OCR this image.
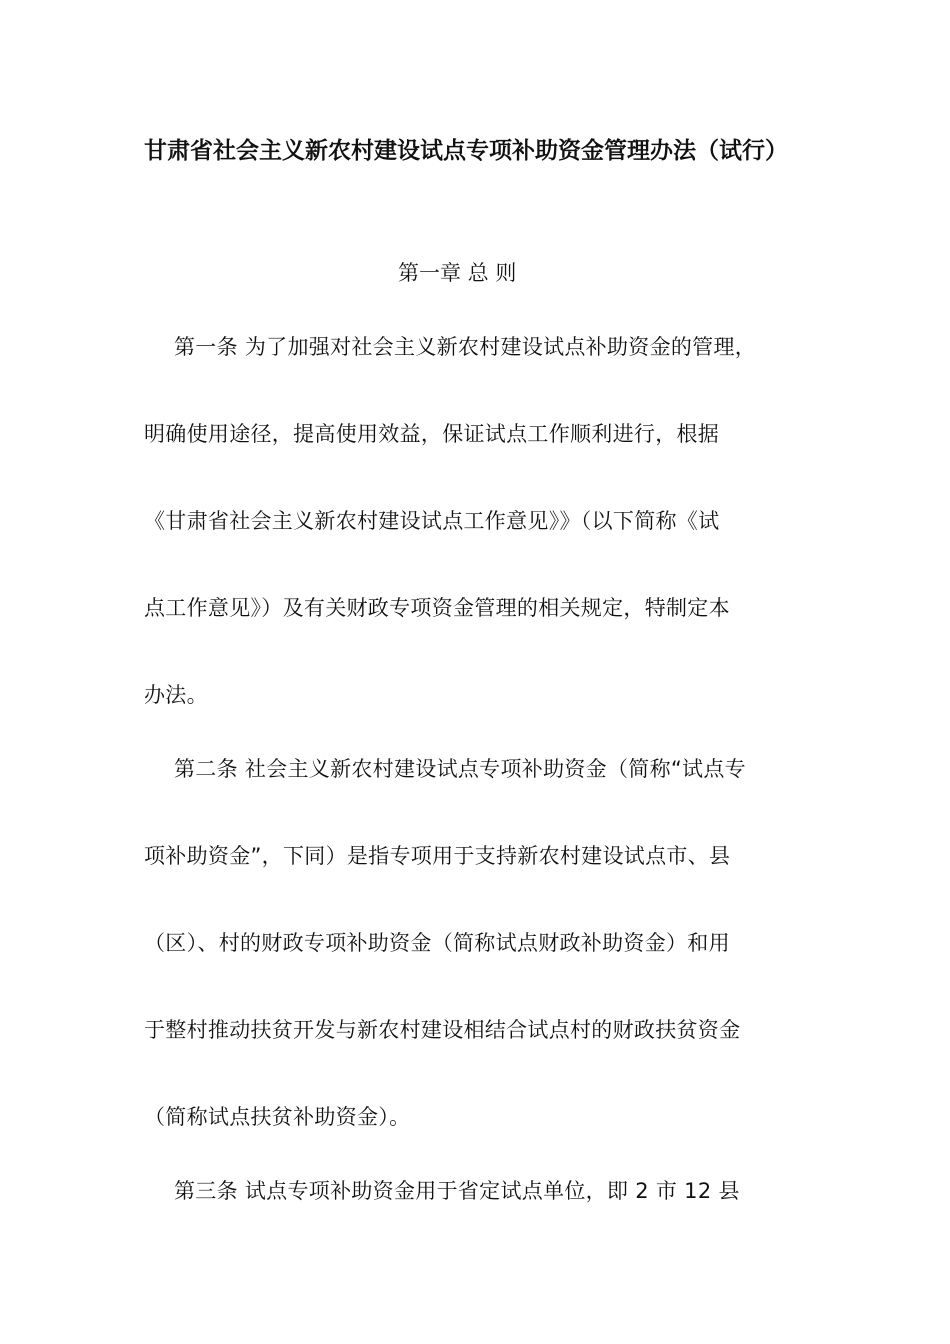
甘肃省社会主义新农村建设试点专项补助资金管理办法（试行）
第一章 总 则
第一条 为了加强对社会主义新农村建设试点补助资金的管理，
明确使用途径，提高使用效益，保证试点工作顺利进行，根据
《甘肃省社会主义新农村建设试点工作意见》》（以下简称《试
点工作意见》）及有关财政专项资金管理的相关规定，特制定本
办法。
第二条 社会主义新农村建设试点专项补助资金（简称“试点专
项补助资金”，下同）是指专项用于支持新农村建设试点市、县
（区）、村的财政专项补助资金（简称试点财政补助资金）和用
于整村推动扶贫开发与新农村建设相结合试点村的财政扶贫资金
（简称试点扶贫补助资金）。
第三条 试点专项补助资金用于省定试点单位，即 2 市 12 县
